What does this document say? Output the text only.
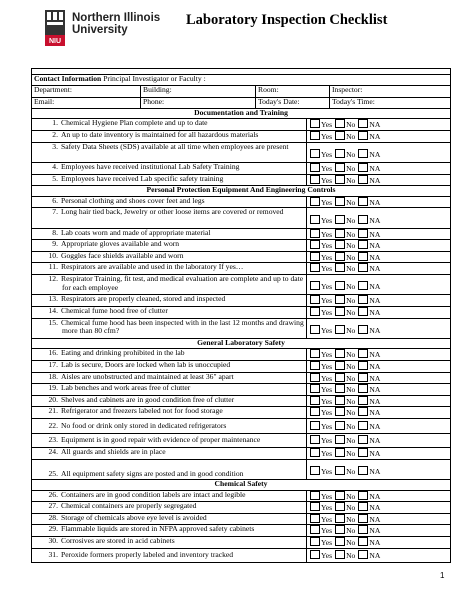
NIU
Northern Illinois
University
Laboratory Inspection Checklist

Contact Information Principal Investigator or Faculty :				
Department:	Building:	Room:		Inspector:
Email:	Phone:	Today's Date:		Today's Time:
Documentation and Training				
1. Chemical Hygiene Plan complete and up to date			Yes No NA	
2. An up to date inventory is maintained for all hazardous materials			Yes No NA	
3. Safety Data Sheets (SDS) available at all time when employees are present			Yes No NA	
4. Employees have received institutional Lab Safety Training			Yes No NA	
5. Employees have received Lab specific safety training			Yes No NA	
Personal Protection Equipment And Engineering Controls				
6. Personal clothing and shoes cover feet and legs			Yes No NA	
7. Long hair tied back, Jewelry or other loose items are covered or removed			Yes No NA	
8. Lab coats worn and made of appropriate material			Yes No NA	
9. Appropriate gloves available and worn			Yes No NA	
10. Goggles face shields available and worn			Yes No NA	
11. Respirators are available and used in the laboratory If yes…			Yes No NA	
12. Respirator Training, fit test, and medical evaluation are complete and up to date for each employee			Yes No NA	
13. Respirators are properly cleaned, stored and inspected			Yes No NA	
14. Chemical fume hood free of clutter			Yes No NA	
15. Chemical fume hood has been inspected with in the last 12 months and drawing more than 80 cfm?			Yes No NA	
General Laboratory Safety				
16. Eating and drinking prohibited in the lab			Yes No NA	
17. Lab is secure, Doors are locked when lab is unoccupied			Yes No NA	
18. Aisles are unobstructed and maintained at least 36" apart			Yes No NA	
19. Lab benches and work areas free of clutter			Yes No NA	
20. Shelves and cabinets are in good condition free of clutter			Yes No NA	
21. Refrigerator and freezers labeled not for food storage			Yes No NA	
22. No food or drink only stored in dedicated refrigerators			Yes No NA	
23. Equipment is in good repair with evidence of proper maintenance			Yes No NA	
24. All guards and shields are in place			Yes No NA	
25. All equipment safety signs are posted and in good condition			Yes No NA	
Chemical Safety				
26. Containers are in good condition labels are intact and legible			Yes No NA	
27. Chemical containers are properly segregated			Yes No NA	
28. Storage of chemicals above eye level is avoided			Yes No NA	
29. Flammable liquids are stored in NFPA approved safety cabinets			Yes No NA	
30. Corrosives are stored in acid cabinets			Yes No NA	
31. Peroxide formers properly labeled and inventory tracked			Yes No NA	
1
